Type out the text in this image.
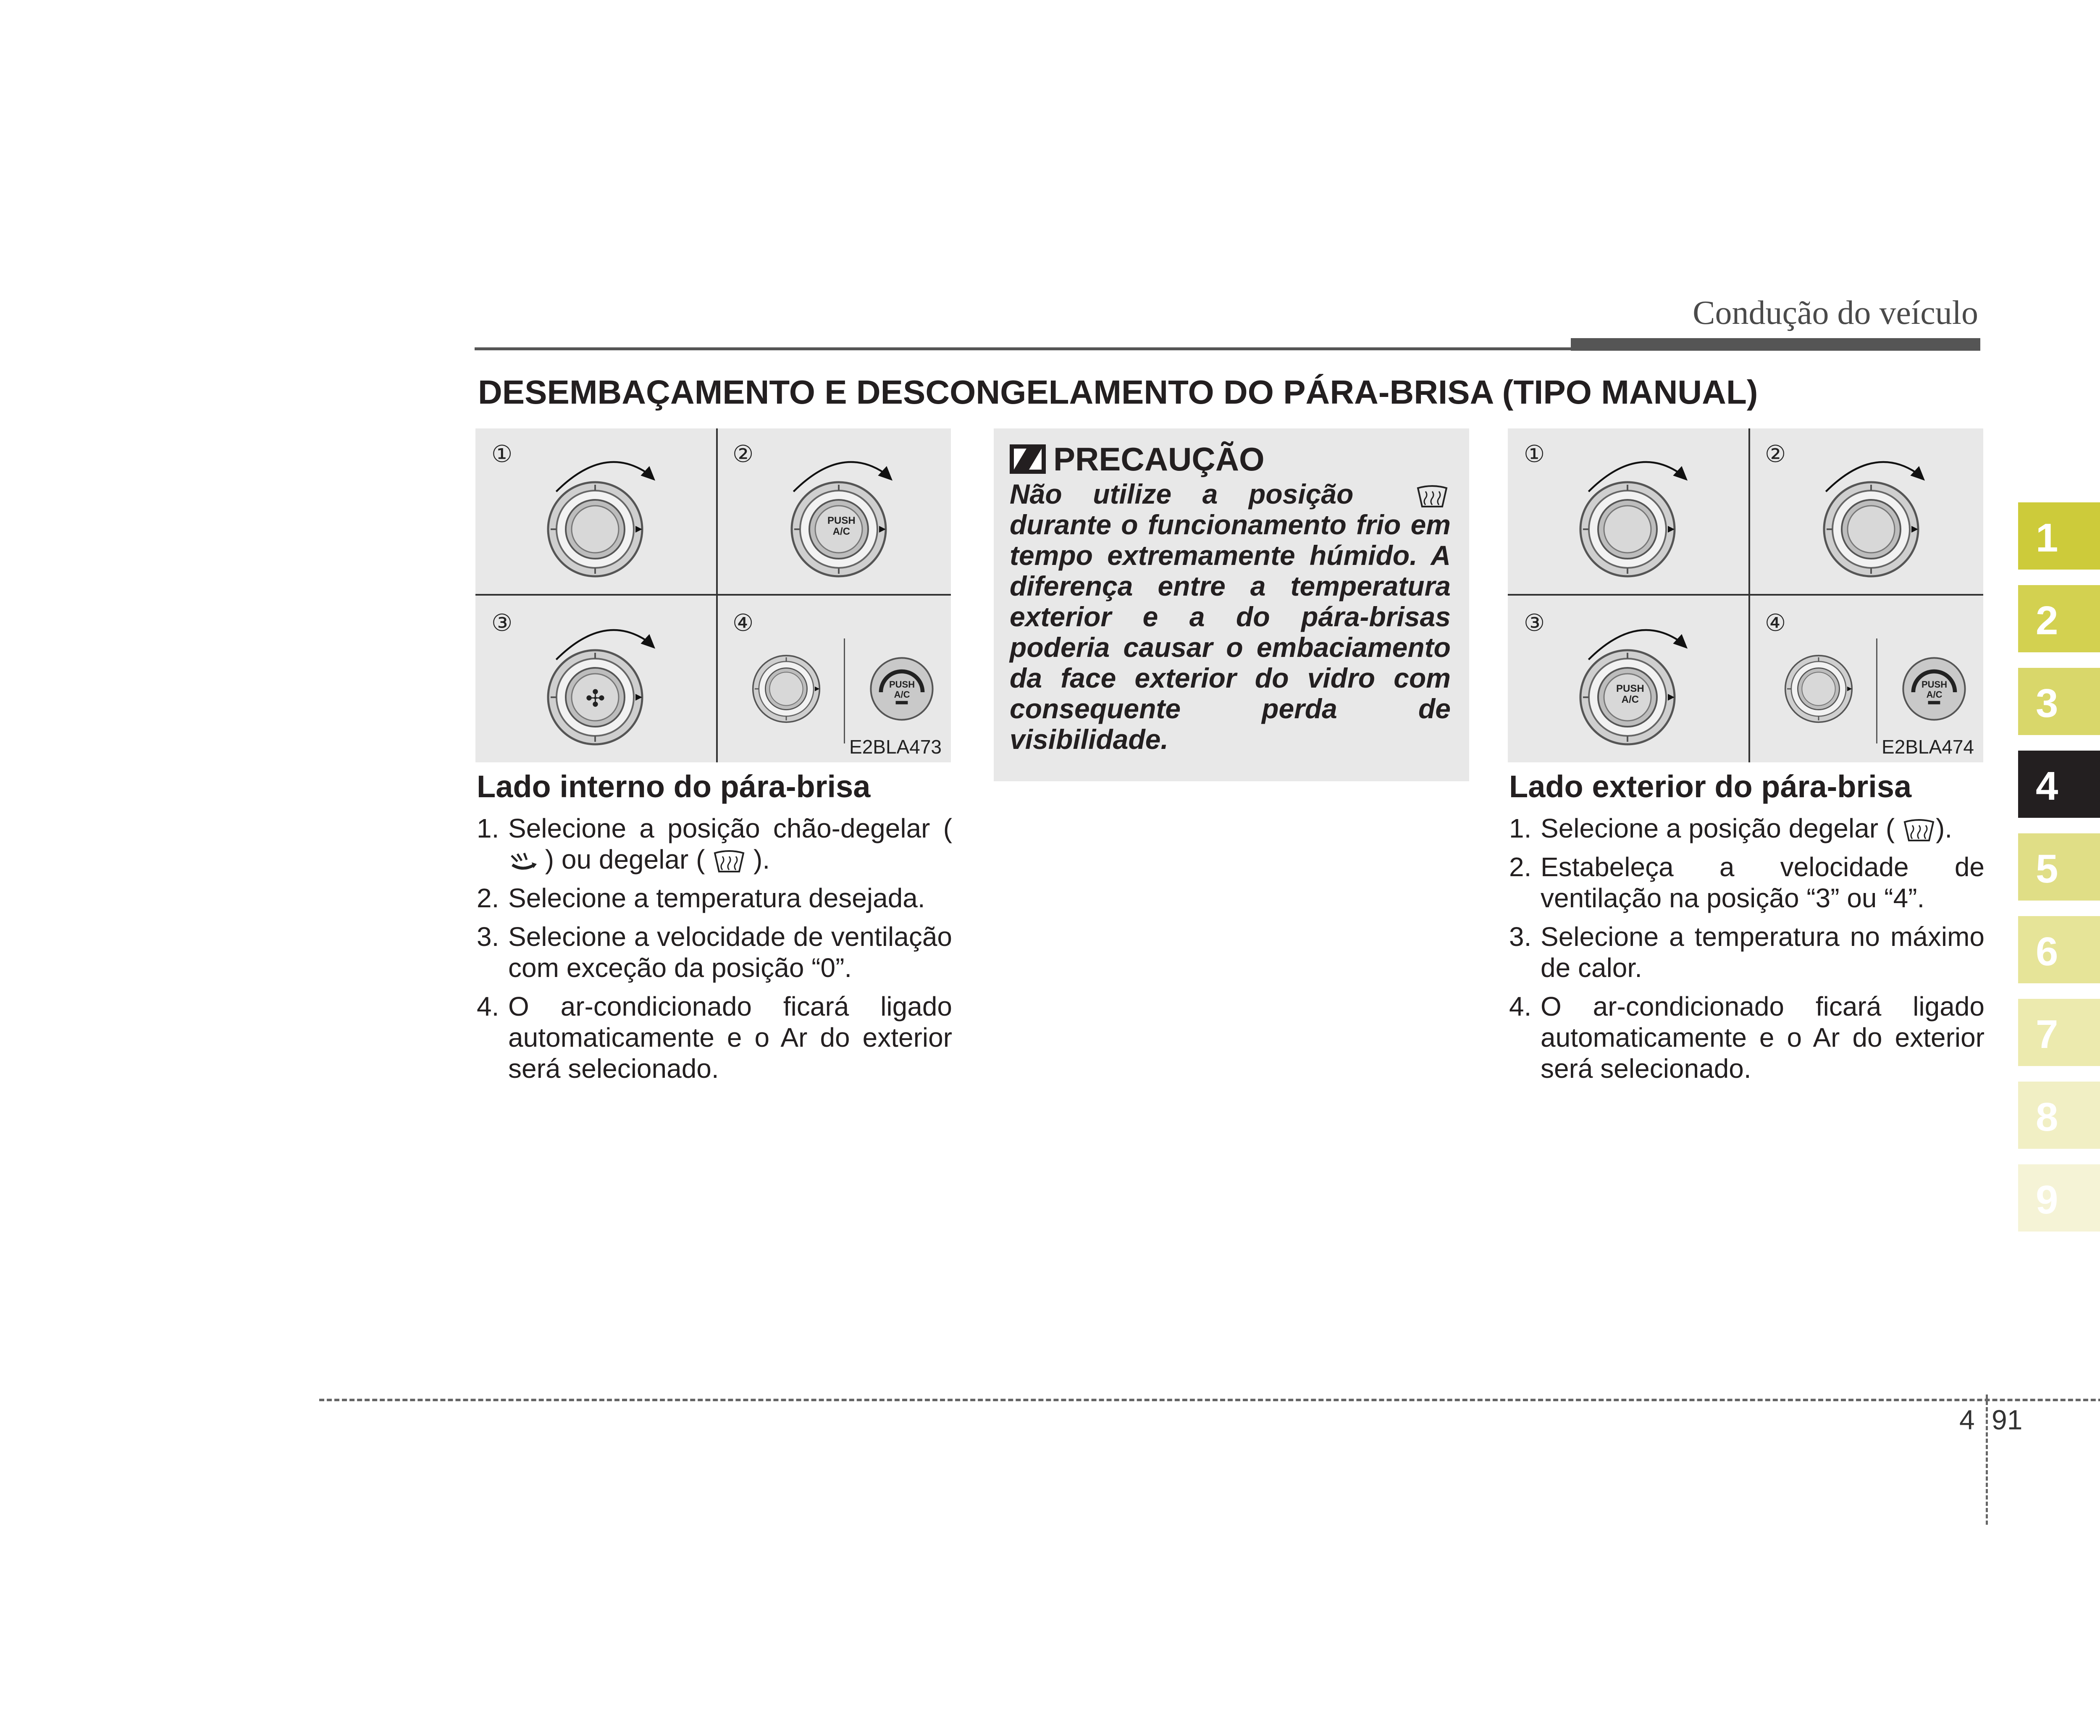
Condução do veículo
DESEMBAÇAMENTO E DESCONGELAMENTO DO PÁRA-BRISA (TIPO MANUAL)
①	②
③	④
PUSH
A/C
✣
PUSH
A/C
E2BLA473
Lado interno do pára-brisa
1. Selecione a posição chão-degelar (  ) ou degelar ( ).
2. Selecione a temperatura desejada.
3. Selecione a velocidade de ventilação com exceção da posição “0”.
4. O ar-condicionado ficará ligado automaticamente e o Ar do exterior será selecionado.
PRECAUÇÃO
Não utilize a posição  durante o funcionamento frio em tempo extremamente húmido. A diferença entre a temperatura exterior e a do pára-brisas poderia causar o embaciamento da face exterior do vidro com consequente perda de visibilidade.
①	②
③	④
PUSH
A/C
PUSH
A/C
E2BLA474
Lado exterior do pára-brisa
1. Selecione a posição degelar ( ).
2. Estabeleça a velocidade de ventilação na posição “3” ou “4”.
3. Selecione a temperatura no máximo de calor.
4. O ar-condicionado ficará ligado automaticamente e o Ar do exterior será selecionado.
1
2
3
4
5
6
7
8
9
4 91
